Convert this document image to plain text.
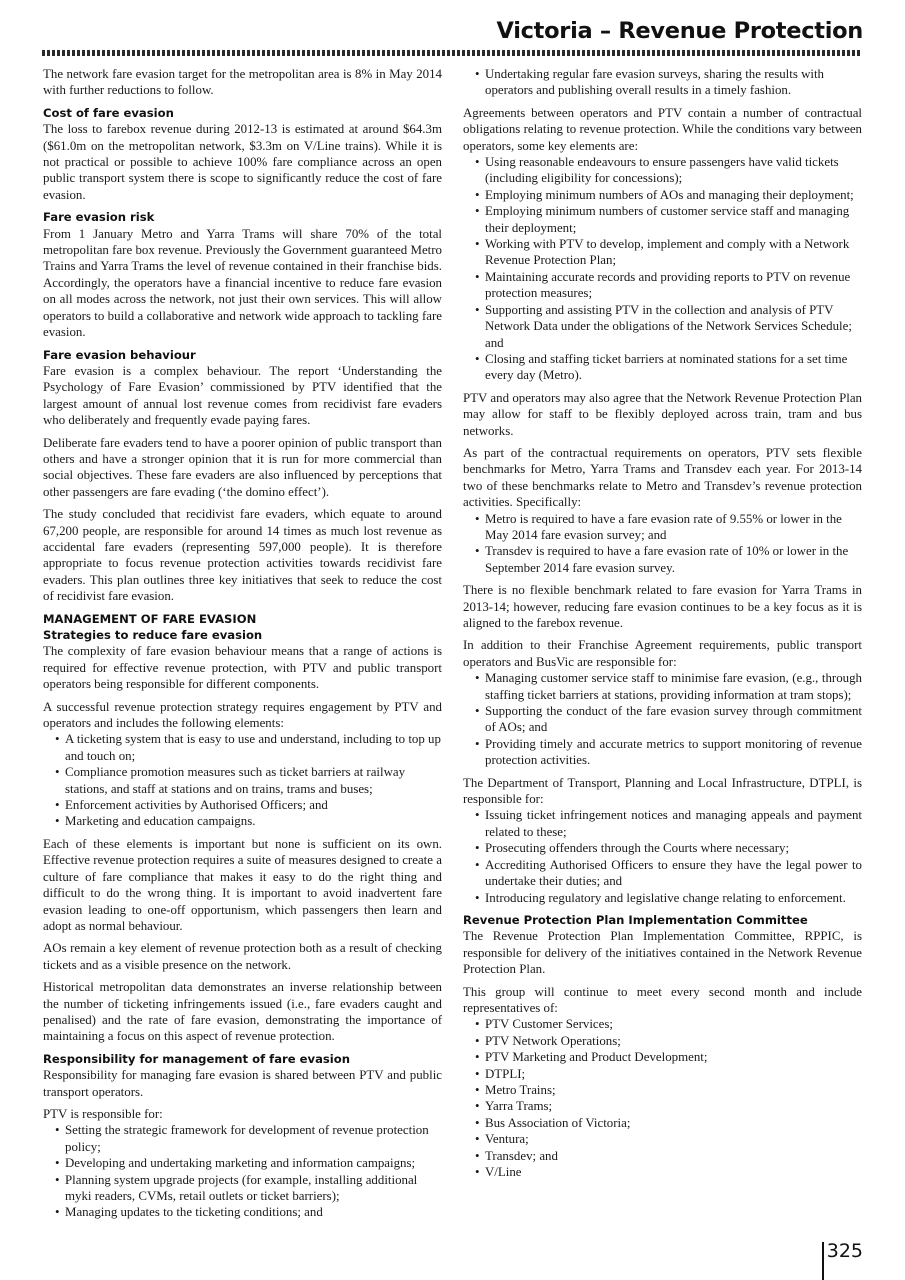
Victoria – Revenue Protection

The network fare evasion target for the metropolitan area is 8% in May 2014 with further reductions to follow.

Cost of fare evasion

The loss to farebox revenue during 2012-13 is estimated at around $64.3m ($61.0m on the metropolitan network, $3.3m on V/Line trains). While it is not practical or possible to achieve 100% fare compliance across an open public transport system there is scope to significantly reduce the cost of fare evasion.

Fare evasion risk

From 1 January Metro and Yarra Trams will share 70% of the total metropolitan fare box revenue. Previously the Government guaranteed Metro Trains and Yarra Trams the level of revenue contained in their franchise bids. Accordingly, the operators have a financial incentive to reduce fare evasion on all modes across the network, not just their own services. This will allow operators to build a collaborative and network wide approach to tackling fare evasion.

Fare evasion behaviour

Fare evasion is a complex behaviour. The report ‘Understanding the Psychology of Fare Evasion’ commissioned by PTV identified that the largest amount of annual lost revenue comes from recidivist fare evaders who deliberately and frequently evade paying fares.

Deliberate fare evaders tend to have a poorer opinion of public transport than others and have a stronger opinion that it is run for more commercial than social objectives. These fare evaders are also influenced by perceptions that other passengers are fare evading (‘the domino effect’).

The study concluded that recidivist fare evaders, which equate to around 67,200 people, are responsible for around 14 times as much lost revenue as accidental fare evaders (representing 597,000 people). It is therefore appropriate to focus revenue protection activities towards recidivist fare evaders. This plan outlines three key initiatives that seek to reduce the cost of recidivist fare evasion.

MANAGEMENT OF FARE EVASION
Strategies to reduce fare evasion

The complexity of fare evasion behaviour means that a range of actions is required for effective revenue protection, with PTV and public transport operators being responsible for different components.

A successful revenue protection strategy requires engagement by PTV and operators and includes the following elements:

• A ticketing system that is easy to use and understand, including to top up and touch on;
• Compliance promotion measures such as ticket barriers at railway stations, and staff at stations and on trains, trams and buses;
• Enforcement activities by Authorised Officers; and
• Marketing and education campaigns.

Each of these elements is important but none is sufficient on its own. Effective revenue protection requires a suite of measures designed to create a culture of fare compliance that makes it easy to do the right thing and difficult to do the wrong thing. It is important to avoid inadvertent fare evasion leading to one-off opportunism, which passengers then learn and adopt as normal behaviour.

AOs remain a key element of revenue protection both as a result of checking tickets and as a visible presence on the network.

Historical metropolitan data demonstrates an inverse relationship between the number of ticketing infringements issued (i.e., fare evaders caught and penalised) and the rate of fare evasion, demonstrating the importance of maintaining a focus on this aspect of revenue protection.

Responsibility for management of fare evasion

Responsibility for managing fare evasion is shared between PTV and public transport operators.

PTV is responsible for:

• Setting the strategic framework for development of revenue protection policy;
• Developing and undertaking marketing and information campaigns;
• Planning system upgrade projects (for example, installing additional myki readers, CVMs, retail outlets or ticket barriers);
• Managing updates to the ticketing conditions; and
• Undertaking regular fare evasion surveys, sharing the results with operators and publishing overall results in a timely fashion.

Agreements between operators and PTV contain a number of contractual obligations relating to revenue protection. While the conditions vary between operators, some key elements are:

• Using reasonable endeavours to ensure passengers have valid tickets (including eligibility for concessions);
• Employing minimum numbers of AOs and managing their deployment;
• Employing minimum numbers of customer service staff and managing their deployment;
• Working with PTV to develop, implement and comply with a Network Revenue Protection Plan;
• Maintaining accurate records and providing reports to PTV on revenue protection measures;
• Supporting and assisting PTV in the collection and analysis of PTV Network Data under the obligations of the Network Services Schedule; and
• Closing and staffing ticket barriers at nominated stations for a set time every day (Metro).

PTV and operators may also agree that the Network Revenue Protection Plan may allow for staff to be flexibly deployed across train, tram and bus networks.

As part of the contractual requirements on operators, PTV sets flexible benchmarks for Metro, Yarra Trams and Transdev each year. For 2013-14 two of these benchmarks relate to Metro and Transdev’s revenue protection activities. Specifically:

• Metro is required to have a fare evasion rate of 9.55% or lower in the May 2014 fare evasion survey; and
• Transdev is required to have a fare evasion rate of 10% or lower in the September 2014 fare evasion survey.

There is no flexible benchmark related to fare evasion for Yarra Trams in 2013-14; however, reducing fare evasion continues to be a key focus as it is aligned to the farebox revenue.

In addition to their Franchise Agreement requirements, public transport operators and BusVic are responsible for:

• Managing customer service staff to minimise fare evasion, (e.g., through staffing ticket barriers at stations, providing information at tram stops);
• Supporting the conduct of the fare evasion survey through commitment of AOs; and
• Providing timely and accurate metrics to support monitoring of revenue protection activities.

The Department of Transport, Planning and Local Infrastructure, DTPLI, is responsible for:

• Issuing ticket infringement notices and managing appeals and payment related to these;
• Prosecuting offenders through the Courts where necessary;
• Accrediting Authorised Officers to ensure they have the legal power to undertake their duties; and
• Introducing regulatory and legislative change relating to enforcement.
Revenue Protection Plan Implementation Committee

The Revenue Protection Plan Implementation Committee, RPPIC, is responsible for delivery of the initiatives contained in the Network Revenue Protection Plan.

This group will continue to meet every second month and include representatives of:

• PTV Customer Services;
• PTV Network Operations;
• PTV Marketing and Product Development;
• DTPLI;
• Metro Trains;
• Yarra Trams;
• Bus Association of Victoria;
• Ventura;
• Transdev; and
• V/Line
325
